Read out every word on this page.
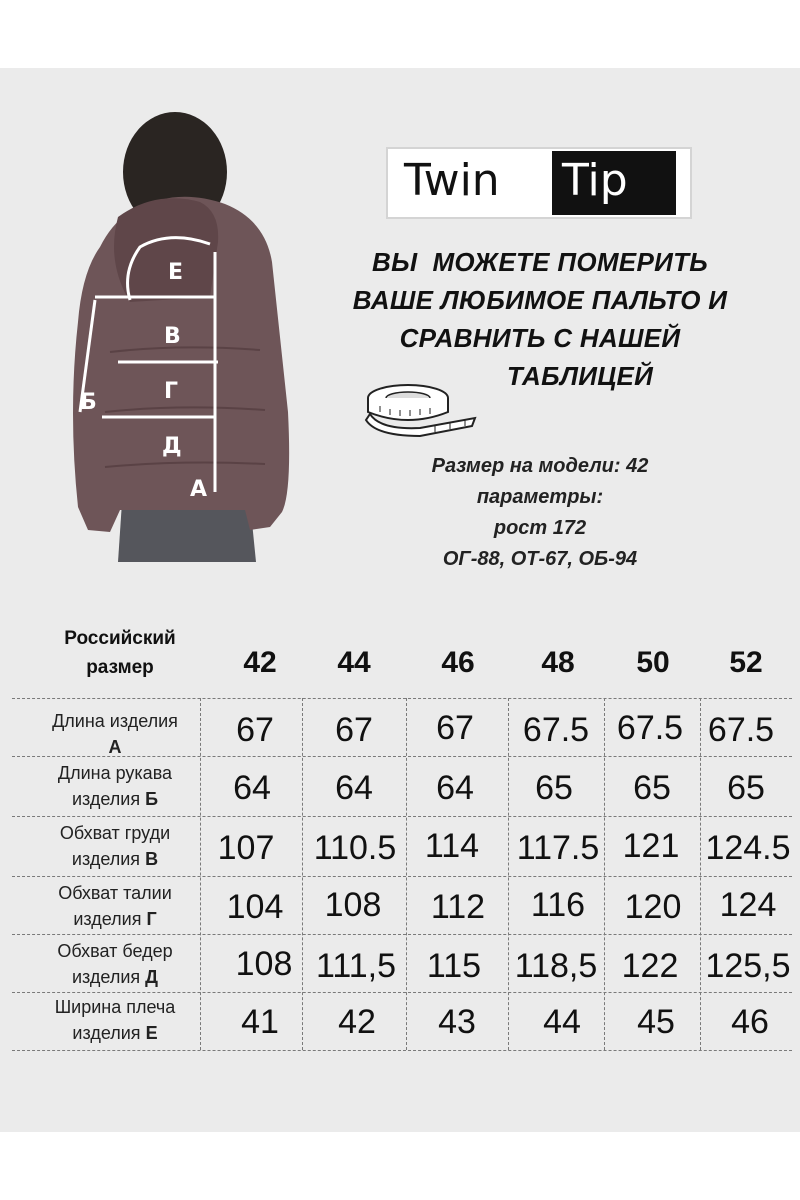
Е
В
Г
Б
Д
А
Twin Tip
ВЫ  МОЖЕТЕ ПОМЕРИТЬ
ВАШЕ ЛЮБИМОЕ ПАЛЬТО И
СРАВНИТЬ С НАШЕЙ
ТАБЛИЦЕЙ
Размер на модели: 42
параметры:
рост 172
ОГ-88, ОТ-67, ОБ-94
Российский
размер	42	44	46	48	50	52
Длина изделия
А	67	67	67	67.5 67.5 67.5
Длина рукава
изделия Б	64	64	64	65	65	65
Обхват груди
изделия В	107	110.5 114	117.5 121 124.5
Обхват талии
изделия Г	104	108	112	116	120	124
Обхват бедер
изделия Д	108 111,5 115 118,5 122 125,5
Ширина плеча
изделия Е	41	42	43	44	45	46
